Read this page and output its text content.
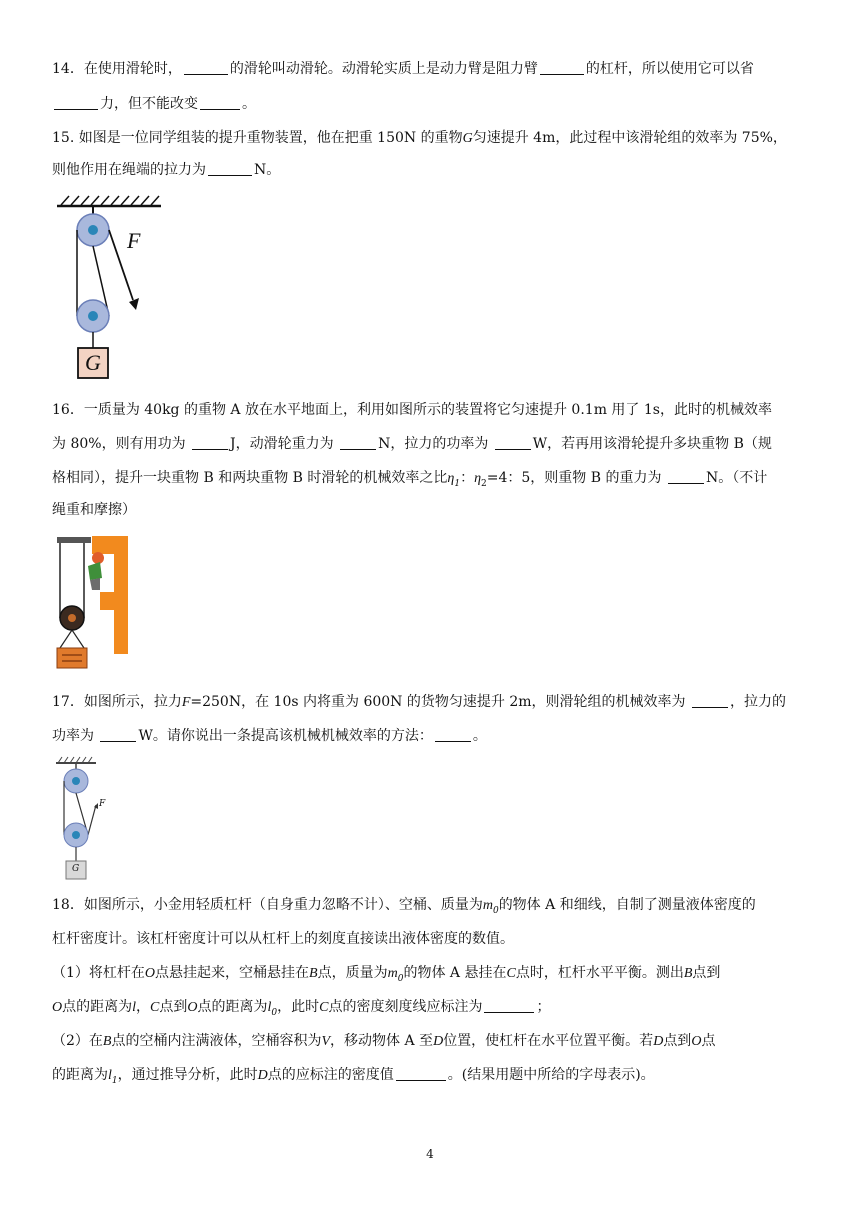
14．在使用滑轮时，	的滑轮叫动滑轮。动滑轮实质上是动力臂是阻力臂	的杠杆，所以使用它可以省
力，但不能改变	。
15. 如图是一位同学组装的提升重物装置，他在把重 150N 的重物G匀速提升 4m，此过程中该滑轮组的效率为 75%，
则他作用在绳端的拉力为	N。
F
G
16．一质量为 40kg 的重物 A 放在水平地面上，利用如图所示的装置将它匀速提升 0.1m 用了 1s，此时的机械效率
为 80%，则有用功为	J，动滑轮重力为	N，拉力的功率为	W，若再用该滑轮提升多块重物 B（规
格相同），提升一块重物 B 和两块重物 B 时滑轮的机械效率之比$\eta_1$：$\eta_2=4$：5，则重物 B 的重力为	N。（不计
绳重和摩擦）
17．如图所示，拉力F=250N，在 10s 内将重为 600N 的货物匀速提升 2m，则滑轮组的机械效率为	，拉力的
功率为	W。请你说出一条提高该机械机械效率的方法：	。
F
G
18．如图所示，小金用轻质杠杆（自身重力忽略不计）、空桶、质量为$m_0$的物体 A 和细线，自制了测量液体密度的
杠杆密度计。该杠杆密度计可以从杠杆上的刻度直接读出液体密度的数值。
（1）将杠杆在O点悬挂起来，空桶悬挂在B点，质量为$m_0$的物体 A 悬挂在C点时，杠杆水平平衡。测出B点到
O点的距离为l，C点到O点的距离为$l_0$，此时C点的密度刻度线应标注为	；
（2）在B点的空桶内注满液体，空桶容积为V，移动物体 A 至D位置，使杠杆在水平位置平衡。若D点到O点
的距离为$l_1$，通过推导分析，此时D点的应标注的密度值	。(结果用题中所给的字母表示)。
4
